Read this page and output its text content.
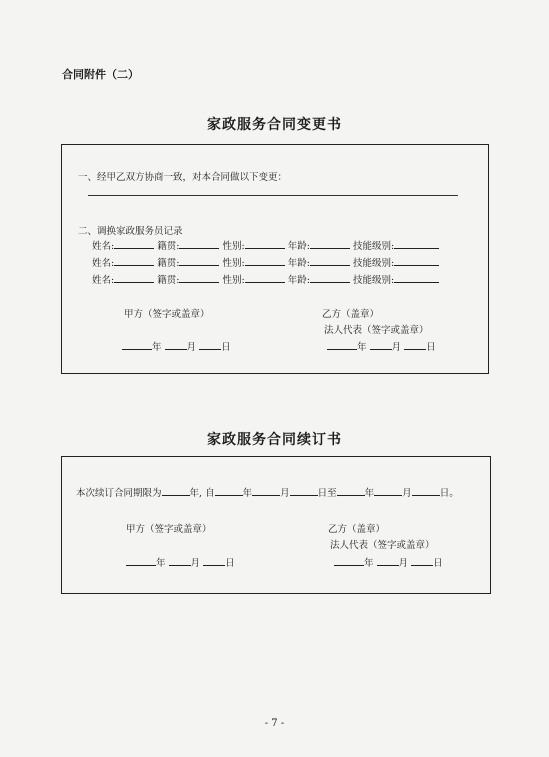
合同附件（二）
家政服务合同变更书
一、经甲乙双方协商一致，对本合同做以下变更：
二、调换家政服务员记录
姓名:	籍贯:	性别:	年龄:	技能级别:
姓名:	籍贯:	性别:	年龄:	技能级别:
姓名:	籍贯:	性别:	年龄:	技能级别:
甲方（签字或盖章）	乙方（盖章）
法人代表（签字或盖章）
年	月	日	年	月	日
家政服务合同续订书
本次续订合同期限为	年, 自	年	月	日至	年	月	日。
甲方（签字或盖章）	乙方（盖章）
法人代表（签字或盖章）
年	月	日	年	月	日
- 7 -
